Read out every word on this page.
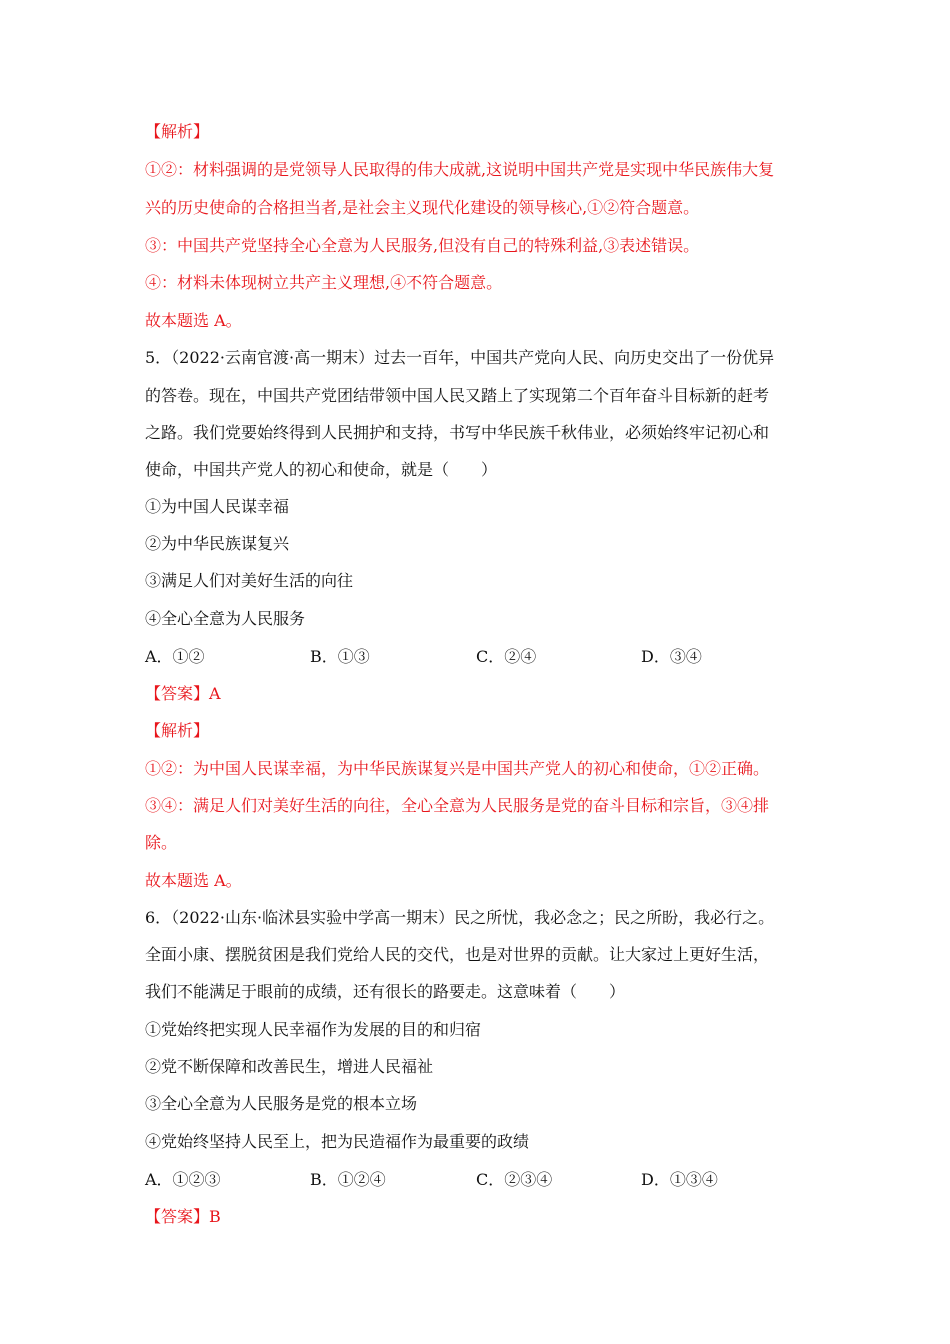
【解析】
①②：材料强调的是党领导人民取得的伟大成就,这说明中国共产党是实现中华民族伟大复
兴的历史使命的合格担当者,是社会主义现代化建设的领导核心,①②符合题意。
③：中国共产党坚持全心全意为人民服务,但没有自己的特殊利益,③表述错误。
④：材料未体现树立共产主义理想,④不符合题意。
故本题选 A。
5．（2022·云南官渡·高一期末）过去一百年，中国共产党向人民、向历史交出了一份优异
的答卷。现在，中国共产党团结带领中国人民又踏上了实现第二个百年奋斗目标新的赶考
之路。我们党要始终得到人民拥护和支持，书写中华民族千秋伟业，必须始终牢记初心和
使命，中国共产党人的初心和使命，就是（　　）
①为中国人民谋幸福
②为中华民族谋复兴
③满足人们对美好生活的向往
④全心全意为人民服务
A．①②	B．①③	C．②④	D．③④
【答案】A
【解析】
①②：为中国人民谋幸福，为中华民族谋复兴是中国共产党人的初心和使命，①②正确。
③④：满足人们对美好生活的向往，全心全意为人民服务是党的奋斗目标和宗旨，③④排
除。
故本题选 A。
6．（2022·山东·临沭县实验中学高一期末）民之所忧，我必念之；民之所盼，我必行之。
全面小康、摆脱贫困是我们党给人民的交代，也是对世界的贡献。让大家过上更好生活，
我们不能满足于眼前的成绩，还有很长的路要走。这意味着（　　）
①党始终把实现人民幸福作为发展的目的和归宿
②党不断保障和改善民生，增进人民福祉
③全心全意为人民服务是党的根本立场
④党始终坚持人民至上，把为民造福作为最重要的政绩
A．①②③	B．①②④	C．②③④	D．①③④
【答案】B
